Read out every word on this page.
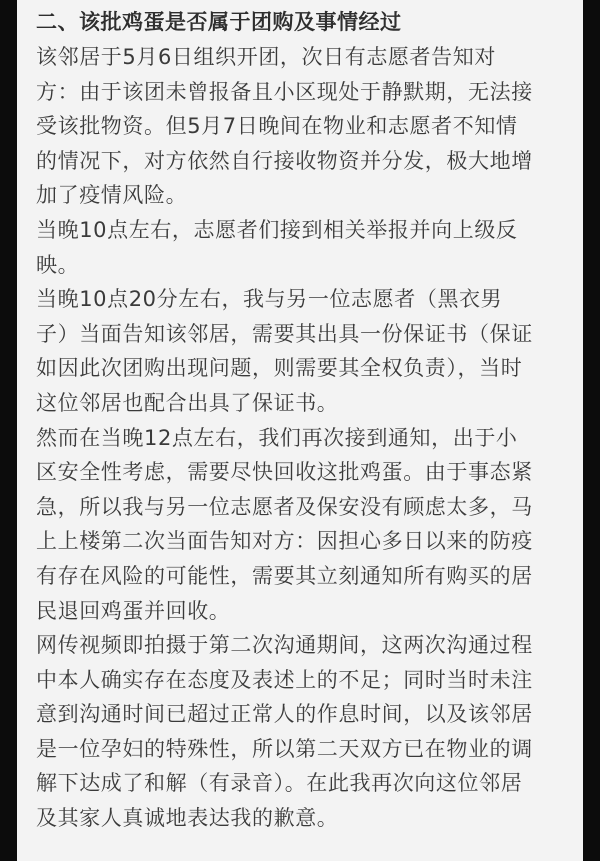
二、该批鸡蛋是否属于团购及事情经过

该邻居于5月6日组织开团，次日有志愿者告知对
方：由于该团未曾报备且小区现处于静默期，无法接
受该批物资。但5月7日晚间在物业和志愿者不知情
的情况下，对方依然自行接收物资并分发，极大地增
加了疫情风险。

当晚10点左右，志愿者们接到相关举报并向上级反
映。

当晚10点20分左右，我与另一位志愿者（黑衣男
子）当面告知该邻居，需要其出具一份保证书（保证
如因此次团购出现问题，则需要其全权负责），当时
这位邻居也配合出具了保证书。

然而在当晚12点左右，我们再次接到通知，出于小
区安全性考虑，需要尽快回收这批鸡蛋。由于事态紧
急，所以我与另一位志愿者及保安没有顾虑太多，马
上上楼第二次当面告知对方：因担心多日以来的防疫
有存在风险的可能性，需要其立刻通知所有购买的居
民退回鸡蛋并回收。

网传视频即拍摄于第二次沟通期间，这两次沟通过程
中本人确实存在态度及表述上的不足；同时当时未注
意到沟通时间已超过正常人的作息时间，以及该邻居
是一位孕妇的特殊性，所以第二天双方已在物业的调
解下达成了和解（有录音）。在此我再次向这位邻居
及其家人真诚地表达我的歉意。
